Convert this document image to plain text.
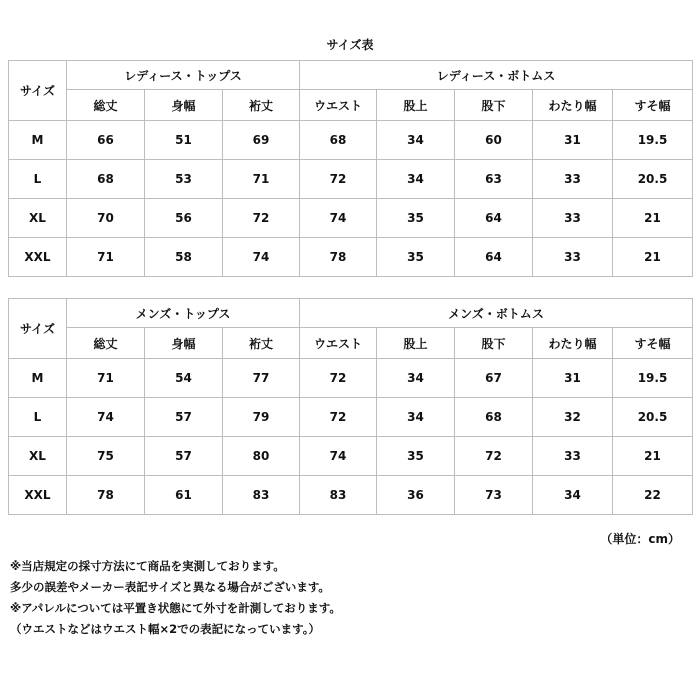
サイズ表
サイズ	レディース・トップス			レディース・ボトムス				
	総丈	身幅	裄丈	ウエスト	股上	股下	わたり幅	すそ幅
M	66	51	69	68	34	60	31	19.5
L	68	53	71	72	34	63	33	20.5
XL	70	56	72	74	35	64	33	21
XXL	71	58	74	78	35	64	33	21
サイズ	メンズ・トップス			メンズ・ボトムス				
	総丈	身幅	裄丈	ウエスト	股上	股下	わたり幅	すそ幅
M	71	54	77	72	34	67	31	19.5
L	74	57	79	72	34	68	32	20.5
XL	75	57	80	74	35	72	33	21
XXL	78	61	83	83	36	73	34	22
（単位：cm）
※当店規定の採寸方法にて商品を実測しております。
多少の誤差やメーカー表記サイズと異なる場合がございます。
※アパレルについては平置き状態にて外寸を計測しております。
（ウエストなどはウエスト幅×2での表記になっています。）
